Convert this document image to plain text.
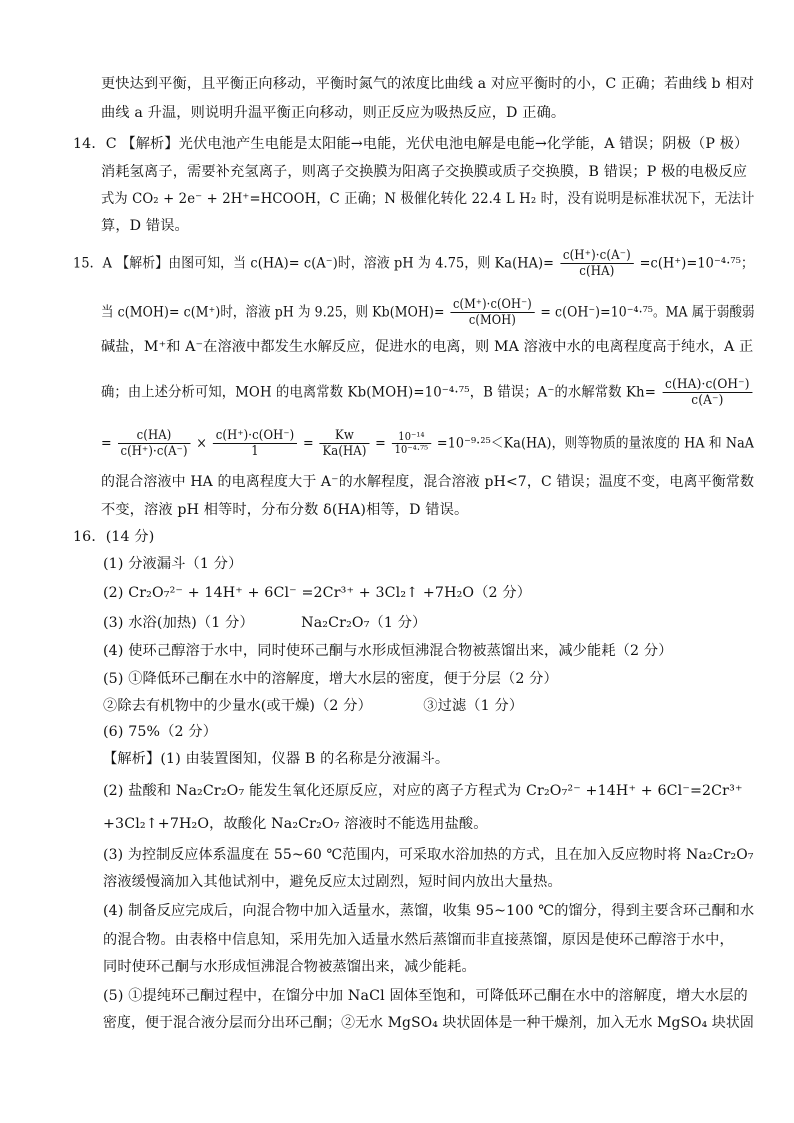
更快达到平衡，且平衡正向移动，平衡时氮气的浓度比曲线 a 对应平衡时的小，C 正确；若曲线 b 相对
曲线 a 升温，则说明升温平衡正向移动，则正反应为吸热反应，D 正确。
14．C 【解析】光伏电池产生电能是太阳能→电能，光伏电池电解是电能→化学能，A 错误；阴极（P 极）
消耗氢离子，需要补充氢离子，则离子交换膜为阳离子交换膜或质子交换膜，B 错误；P 极的电极反应
式为 CO₂ + 2e⁻ + 2H⁺=HCOOH，C 正确；N 极催化转化 22.4 L H₂ 时，没有说明是标准状况下，无法计
算，D 错误。
15．A 【解析】由图可知，当 c(HA)= c(A⁻)时，溶液 pH 为 4.75，则 $Ka(HA)= \frac{c(H^+)\cdot c(A^-)}{c(HA)} =c(H^+)=10^{-4}\cdot^{75}$；
当 c(MOH)= c(M⁺)时，溶液 pH 为 9.25，则 $Kb(MOH)= \frac{c(M^+)\cdot c(OH^-)}{\text{c(MOH)}} = c(OH^-)=10^{-4}\cdot^{75}$。MA 属于弱酸弱
碱盐，M⁺和 A⁻在溶液中都发生水解反应，促进水的电离，则 MA 溶液中水的电离程度高于纯水，A 正
确；由上述分析可知，MOH 的电离常数 Kb(MOH)=10⁻⁴·⁷⁵，B 错误；A⁻的水解常数 $Kh= \frac{c(HA)\cdot c(OH^-)}{c(A^-)}$
= $\frac{c(HA)}{c(H^+)\cdot c(A^-)} \times \frac{c(H^+)\cdot c(OH^-)}{1} = \frac{Kw}{Ka(HA)} = \frac{\text{10⁻¹⁴}}{\text{10⁻⁴·⁷⁵}} =10^{-9}\cdot^{25}<Ka(HA)$，则等物质的量浓度的 HA 和 NaA
的混合溶液中 HA 的电离程度大于 A⁻的水解程度，混合溶液 pH<7，C 错误；温度不变，电离平衡常数
不变，溶液 pH 相等时，分布分数 δ(HA)相等，D 错误。
16．(14 分)
(1) 分液漏斗（1 分）
(2) Cr₂O₇²⁻ + 14H⁺ + 6Cl⁻ =2Cr³⁺ + 3Cl₂↑ +7H₂O（2 分）
(3) 水浴(加热)（1 分）	Na₂Cr₂O₇（1 分）
(4) 使环己醇溶于水中，同时使环己酮与水形成恒沸混合物被蒸馏出来，减少能耗（2 分）
(5) ①降低环己酮在水中的溶解度，增大水层的密度，便于分层（2 分）
②除去有机物中的少量水(或干燥)（2 分）	③过滤（1 分）
(6) 75%（2 分）
【解析】(1) 由装置图知，仪器 B 的名称是分液漏斗。
(2) 盐酸和 Na₂Cr₂O₇ 能发生氧化还原反应，对应的离子方程式为 Cr₂O₇²⁻ +14H⁺ + 6Cl⁻=2Cr³⁺
+3Cl₂↑+7H₂O，故酸化 Na₂Cr₂O₇ 溶液时不能选用盐酸。
(3) 为控制反应体系温度在 55~60 ℃范围内，可采取水浴加热的方式，且在加入反应物时将 Na₂Cr₂O₇
溶液缓慢滴加入其他试剂中，避免反应太过剧烈，短时间内放出大量热。
(4) 制备反应完成后，向混合物中加入适量水，蒸馏，收集 95~100 ℃的馏分，得到主要含环己酮和水
的混合物。由表格中信息知，采用先加入适量水然后蒸馏而非直接蒸馏，原因是使环己醇溶于水中，
同时使环己酮与水形成恒沸混合物被蒸馏出来，减少能耗。
(5) ①提纯环己酮过程中，在馏分中加 NaCl 固体至饱和，可降低环己酮在水中的溶解度，增大水层的
密度，便于混合液分层而分出环己酮；②无水 MgSO₄ 块状固体是一种干燥剂，加入无水 MgSO₄ 块状固
